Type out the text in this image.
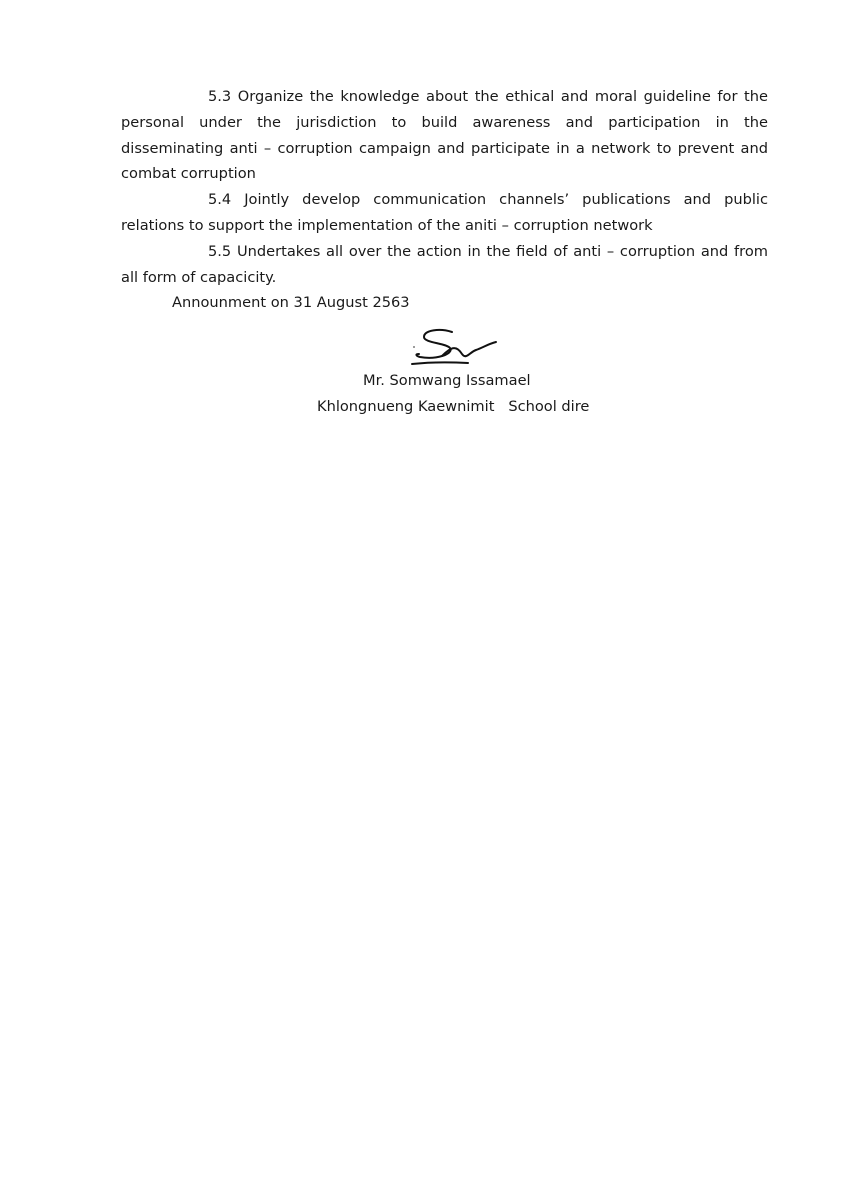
5.3 Organize the knowledge about the ethical and moral guideline for the personal under the jurisdiction to build awareness and participation in the disseminating anti – corruption campaign and participate in a network to prevent and combat corruption

5.4 Jointly develop communication channels’ publications and public relations to support the implementation of the aniti – corruption network

5.5 Undertakes all over the action in the field of anti – corruption and from all form of capacicity.

Announment on 31 August 2563

Mr. Somwang Issamael
Khlongnueng Kaewnimit   School dire
